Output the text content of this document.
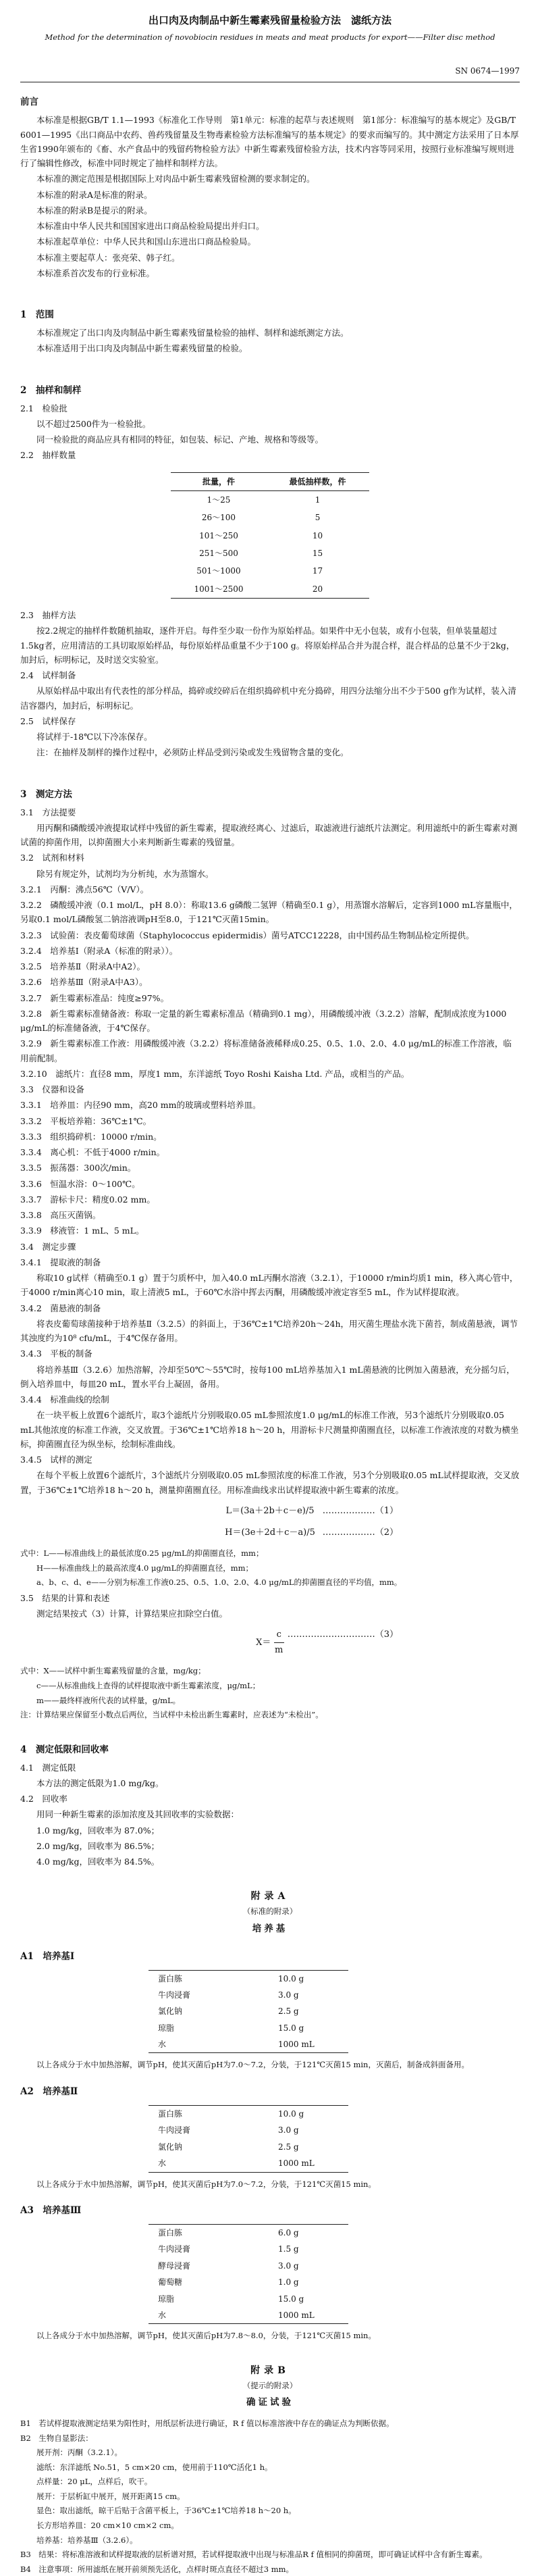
出口肉及肉制品中新生霉素残留量检验方法　滤纸方法

Method for the determination of novobiocin residues in meats and meat products for export——Filter disc method

SN 0674—1997
前言

本标准是根据GB/T 1.1—1993《标准化工作导则　第1单元：标准的起草与表述规则　第1部分：标准编写的基本规定》及GB/T 6001—1995《出口商品中农药、兽药残留量及生物毒素检验方法标准编写的基本规定》的要求而编写的。其中测定方法采用了日本厚生省1990年颁布的《畜、水产食品中的残留药物检验方法》中新生霉素残留检验方法，技术内容等同采用，按照行业标准编写规则进行了编辑性修改，标准中同时规定了抽样和制样方法。

本标准的测定范围是根据国际上对肉品中新生霉素残留检测的要求制定的。

本标准的附录A是标准的附录。

本标准的附录B是提示的附录。

本标准由中华人民共和国国家进出口商品检验局提出并归口。

本标准起草单位：中华人民共和国山东进出口商品检验局。

本标准主要起草人：张亮荣、韩子红。

本标准系首次发布的行业标准。

1　范围

本标准规定了出口肉及肉制品中新生霉素残留量检验的抽样、制样和滤纸测定方法。

本标准适用于出口肉及肉制品中新生霉素残留量的检验。

2　抽样和制样

2.1　检验批

以不超过2500件为一检验批。

同一检验批的商品应具有相同的特征，如包装、标记、产地、规格和等级等。

2.2　抽样数量

批量，件	最低抽样数，件
1～25	1
26～100	5
101～250	10
251～500	15
501～1000	17
1001～2500	20

2.3　抽样方法

按2.2规定的抽样件数随机抽取，逐件开启。每件至少取一份作为原始样品。如果件中无小包装，或有小包装，但单装量超过1.5kg者，应用清洁的工具切取原始样品，每份原始样品重量不少于100 g。将原始样品合并为混合样，混合样品的总量不少于2kg，加封后，标明标记，及时送交实验室。

2.4　试样制备

从原始样品中取出有代表性的部分样品，捣碎或绞碎后在组织捣碎机中充分捣碎，用四分法缩分出不少于500 g作为试样，装入清洁容器内，加封后，标明标记。

2.5　试样保存

将试样于-18℃以下冷冻保存。

注：在抽样及制样的操作过程中，必须防止样品受到污染或发生残留物含量的变化。

3　测定方法

3.1　方法提要

用丙酮和磷酸缓冲液提取试样中残留的新生霉素，提取液经离心、过滤后，取滤液进行滤纸片法测定。利用滤纸中的新生霉素对测试菌的抑菌作用，以抑菌圈大小来判断新生霉素的残留量。

3.2　试剂和材料

除另有规定外，试剂均为分析纯，水为蒸馏水。

3.2.1　丙酮：沸点56℃（V/V）。

3.2.2　磷酸缓冲液（0.1 mol/L，pH 8.0）：称取13.6 g磷酸二氢钾（精确至0.1 g），用蒸馏水溶解后，定容到1000 mL容量瓶中，另取0.1 mol/L磷酸氢二钠溶液调pH至8.0，于121℃灭菌15min。

3.2.3　试验菌：表皮葡萄球菌（Staphylococcus epidermidis）菌号ATCC12228，由中国药品生物制品检定所提供。

3.2.4　培养基Ⅰ（附录A（标准的附录））。

3.2.5　培养基Ⅱ（附录A中A2）。

3.2.6　培养基Ⅲ（附录A中A3）。

3.2.7　新生霉素标准品：纯度≥97%。

3.2.8　新生霉素标准储备液：称取一定量的新生霉素标准品（精确到0.1 mg），用磷酸缓冲液（3.2.2）溶解，配制成浓度为1000 μg/mL的标准储备液，于4℃保存。

3.2.9　新生霉素标准工作液：用磷酸缓冲液（3.2.2）将标准储备液稀释成0.25、0.5、1.0、2.0、4.0 μg/mL的标准工作溶液，临用前配制。

3.2.10　滤纸片：直径8 mm，厚度1 mm，东洋滤纸 Toyo Roshi Kaisha Ltd. 产品，或相当的产品。

3.3　仪器和设备

3.3.1　培养皿：内径90 mm，高20 mm的玻璃或塑料培养皿。

3.3.2　平板培养箱：36℃±1℃。

3.3.3　组织捣碎机：10000 r/min。

3.3.4　离心机：不低于4000 r/min。

3.3.5　振荡器：300次/min。

3.3.6　恒温水浴：0～100℃。

3.3.7　游标卡尺：精度0.02 mm。

3.3.8　高压灭菌锅。

3.3.9　移液管：1 mL、5 mL。

3.4　测定步骤

3.4.1　提取液的制备

称取10 g试样（精确至0.1 g）置于匀质杯中，加入40.0 mL丙酮水溶液（3.2.1），于10000 r/min均质1 min，移入离心管中，于4000 r/min离心10 min，取上清液5 mL，于60℃水浴中挥去丙酮，用磷酸缓冲液定容至5 mL，作为试样提取液。

3.4.2　菌悬液的制备

将表皮葡萄球菌接种于培养基Ⅱ（3.2.5）的斜面上，于36℃±1℃培养20h～24h，用灭菌生理盐水洗下菌苔，制成菌悬液，调节其浊度约为10⁸ cfu/mL，于4℃保存备用。

3.4.3　平板的制备

将培养基Ⅲ（3.2.6）加热溶解，冷却至50℃～55℃时，按每100 mL培养基加入1 mL菌悬液的比例加入菌悬液，充分摇匀后，倒入培养皿中，每皿20 mL，置水平台上凝固，备用。

3.4.4　标准曲线的绘制

在一块平板上放置6个滤纸片，取3个滤纸片分别吸取0.05 mL参照浓度1.0 μg/mL的标准工作液，另3个滤纸片分别吸取0.05 mL其他浓度的标准工作液，交叉放置。于36℃±1℃培养18 h～20 h，用游标卡尺测量抑菌圈直径，以标准工作液浓度的对数为横坐标，抑菌圈直径为纵坐标，绘制标准曲线。

3.4.5　试样的测定

在每个平板上放置6个滤纸片，3个滤纸片分别吸取0.05 mL参照浓度的标准工作液，另3个分别吸取0.05 mL试样提取液，交叉放置，于36℃±1℃培养18 h～20 h，测量抑菌圈直径。用标准曲线求出试样提取液中新生霉素的浓度。

L＝(3a＋2b＋c－e)/5 ………………（1）
H＝(3e＋2d＋c－a)/5 ………………（2）

式中：L——标准曲线上的最低浓度0.25 μg/mL的抑菌圈直径，mm；

H——标准曲线上的最高浓度4.0 μg/mL的抑菌圈直径，mm；

a、b、c、d、e——分别为标准工作液0.25、0.5、1.0、2.0、4.0 μg/mL的抑菌圈直径的平均值，mm。

3.5　结果的计算和表述

测定结果按式（3）计算，计算结果应扣除空白值。

$X= \frac{c}{m}$ …………………………（3）

式中：X——试样中新生霉素残留量的含量，mg/kg；

c——从标准曲线上查得的试样提取液中新生霉素浓度，μg/mL；

m——最终样液所代表的试样量，g/mL。

注：计算结果应保留至小数点后两位，当试样中未检出新生霉素时，应表述为“未检出”。

4　测定低限和回收率

4.1　测定低限

本方法的测定低限为1.0 mg/kg。

4.2　回收率

用同一种新生霉素的添加浓度及其回收率的实验数据：

1.0 mg/kg，回收率为 87.0%；

2.0 mg/kg，回收率为 86.5%；

4.0 mg/kg，回收率为 84.5%。

附录A
（标准的附录）
培养基
A1　培养基Ⅰ
蛋白胨	10.0 g
牛肉浸膏	3.0 g
氯化钠	2.5 g
琼脂	15.0 g
水	1000 mL

以上各成分于水中加热溶解，调节pH，使其灭菌后pH为7.0～7.2，分装，于121℃灭菌15 min，灭菌后，制备成斜面备用。

A2　培养基Ⅱ
蛋白胨	10.0 g
牛肉浸膏	3.0 g
氯化钠	2.5 g
水	1000 mL

以上各成分于水中加热溶解，调节pH，使其灭菌后pH为7.0～7.2，分装，于121℃灭菌15 min。

A3　培养基Ⅲ
蛋白胨	6.0 g
牛肉浸膏	1.5 g
酵母浸膏	3.0 g
葡萄糖	1.0 g
琼脂	15.0 g
水	1000 mL

以上各成分于水中加热溶解，调节pH，使其灭菌后pH为7.8～8.0，分装，于121℃灭菌15 min。

附录B
（提示的附录）
确证试验

B1　若试样提取液测定结果为阳性时，用纸层析法进行确证，R f 值以标准溶液中存在的确证点为判断依据。

B2　生物自显影法：

展开剂：丙酮（3.2.1）。

滤纸：东洋滤纸 No.51，5 cm×20 cm，使用前于110℃活化1 h。

点样量：20 μL，点样后，吹干。

展开：于层析缸中展开，展开距离15 cm。

显色：取出滤纸，晾干后贴于含菌平板上，于36℃±1℃培养18 h～20 h。

长方形培养皿：20 cm×10 cm×2 cm。

培养基：培养基Ⅲ（3.2.6）。

B3　结果：将标准溶液和试样提取液的层析谱对照，若试样提取液中出现与标准品R f 值相同的抑菌斑，即可确证试样中含有新生霉素。

B4　注意事项：所用滤纸在展开前须预先活化，点样时斑点直径不超过3 mm。
